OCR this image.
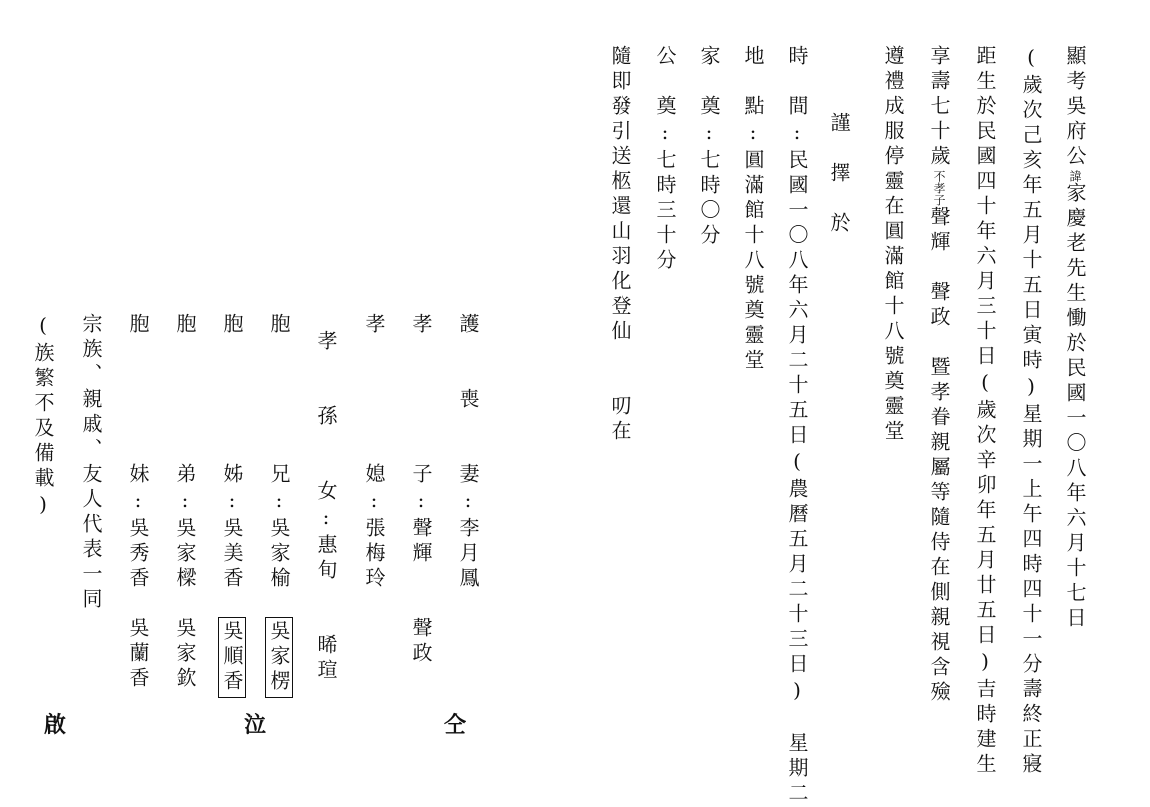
顯考吳府公諱家慶老先生慟於民國一〇八年六月十七日
(歲次己亥年五月十五日寅時)星期一上午四時四十一分壽終正寢
距生於民國四十年六月三十日(歲次辛卯年五月廿五日)吉時建生
享壽七十歲不孝子聲輝　聲政　暨孝眷親屬等隨侍在側親視含殮
遵禮成服停靈在圓滿館十八號奠靈堂
謹　擇　於
時　間:民國一〇八年六月二十五日(農曆五月二十三日)　星期二
地　點:圓滿館十八號奠靈堂
家　奠:七時〇分
公　奠:七時三十分
隨即發引送柩還山羽化登仙　　叨在
護　　喪　　妻:李月鳳
孝　　　　　子:聲輝　　聲政
孝　　　　　媳:張梅玲
孝　　孫　　女:惠旬　　晞瑄
胞　　　　　兄:吳家榆　吳家楞
胞　　　　　姊:吳美香　吳順香
胞　　　　　弟:吳家樑　吳家欽
胞　　　　　妹:吳秀香　吳蘭香
宗族、親戚、友人代表一同
(族繁不及備載)
啟	泣	仝
